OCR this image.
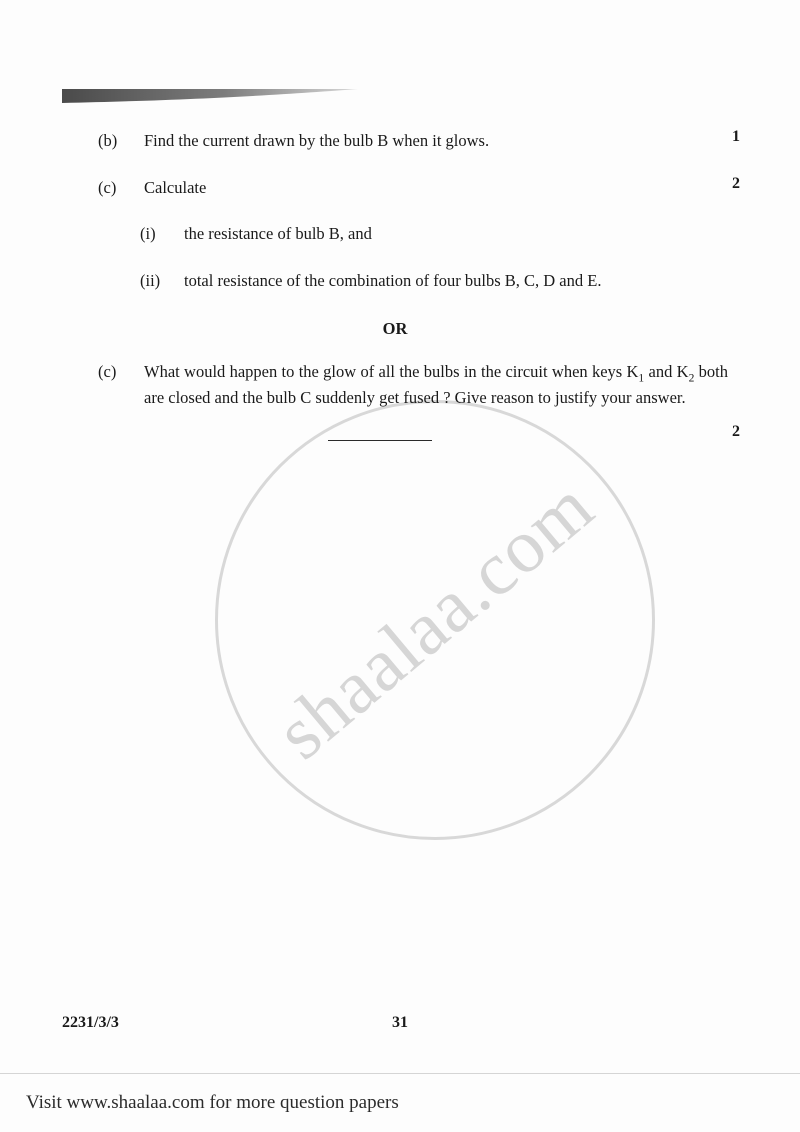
shaalaa.com
(b)	Find the current drawn by the bulb B when it glows.	1
(c)	Calculate	2
(i)	the resistance of bulb B, and
(ii)	total resistance of the combination of four bulbs B, C, D and E.
OR
(c)	What would happen to the glow of all the bulbs in the circuit when keys $K_1$ and $K_2$ both are closed and the bulb C suddenly get fused ? Give reason to justify your answer.
2
2231/3/3	31
Visit www.shaalaa.com for more question papers
